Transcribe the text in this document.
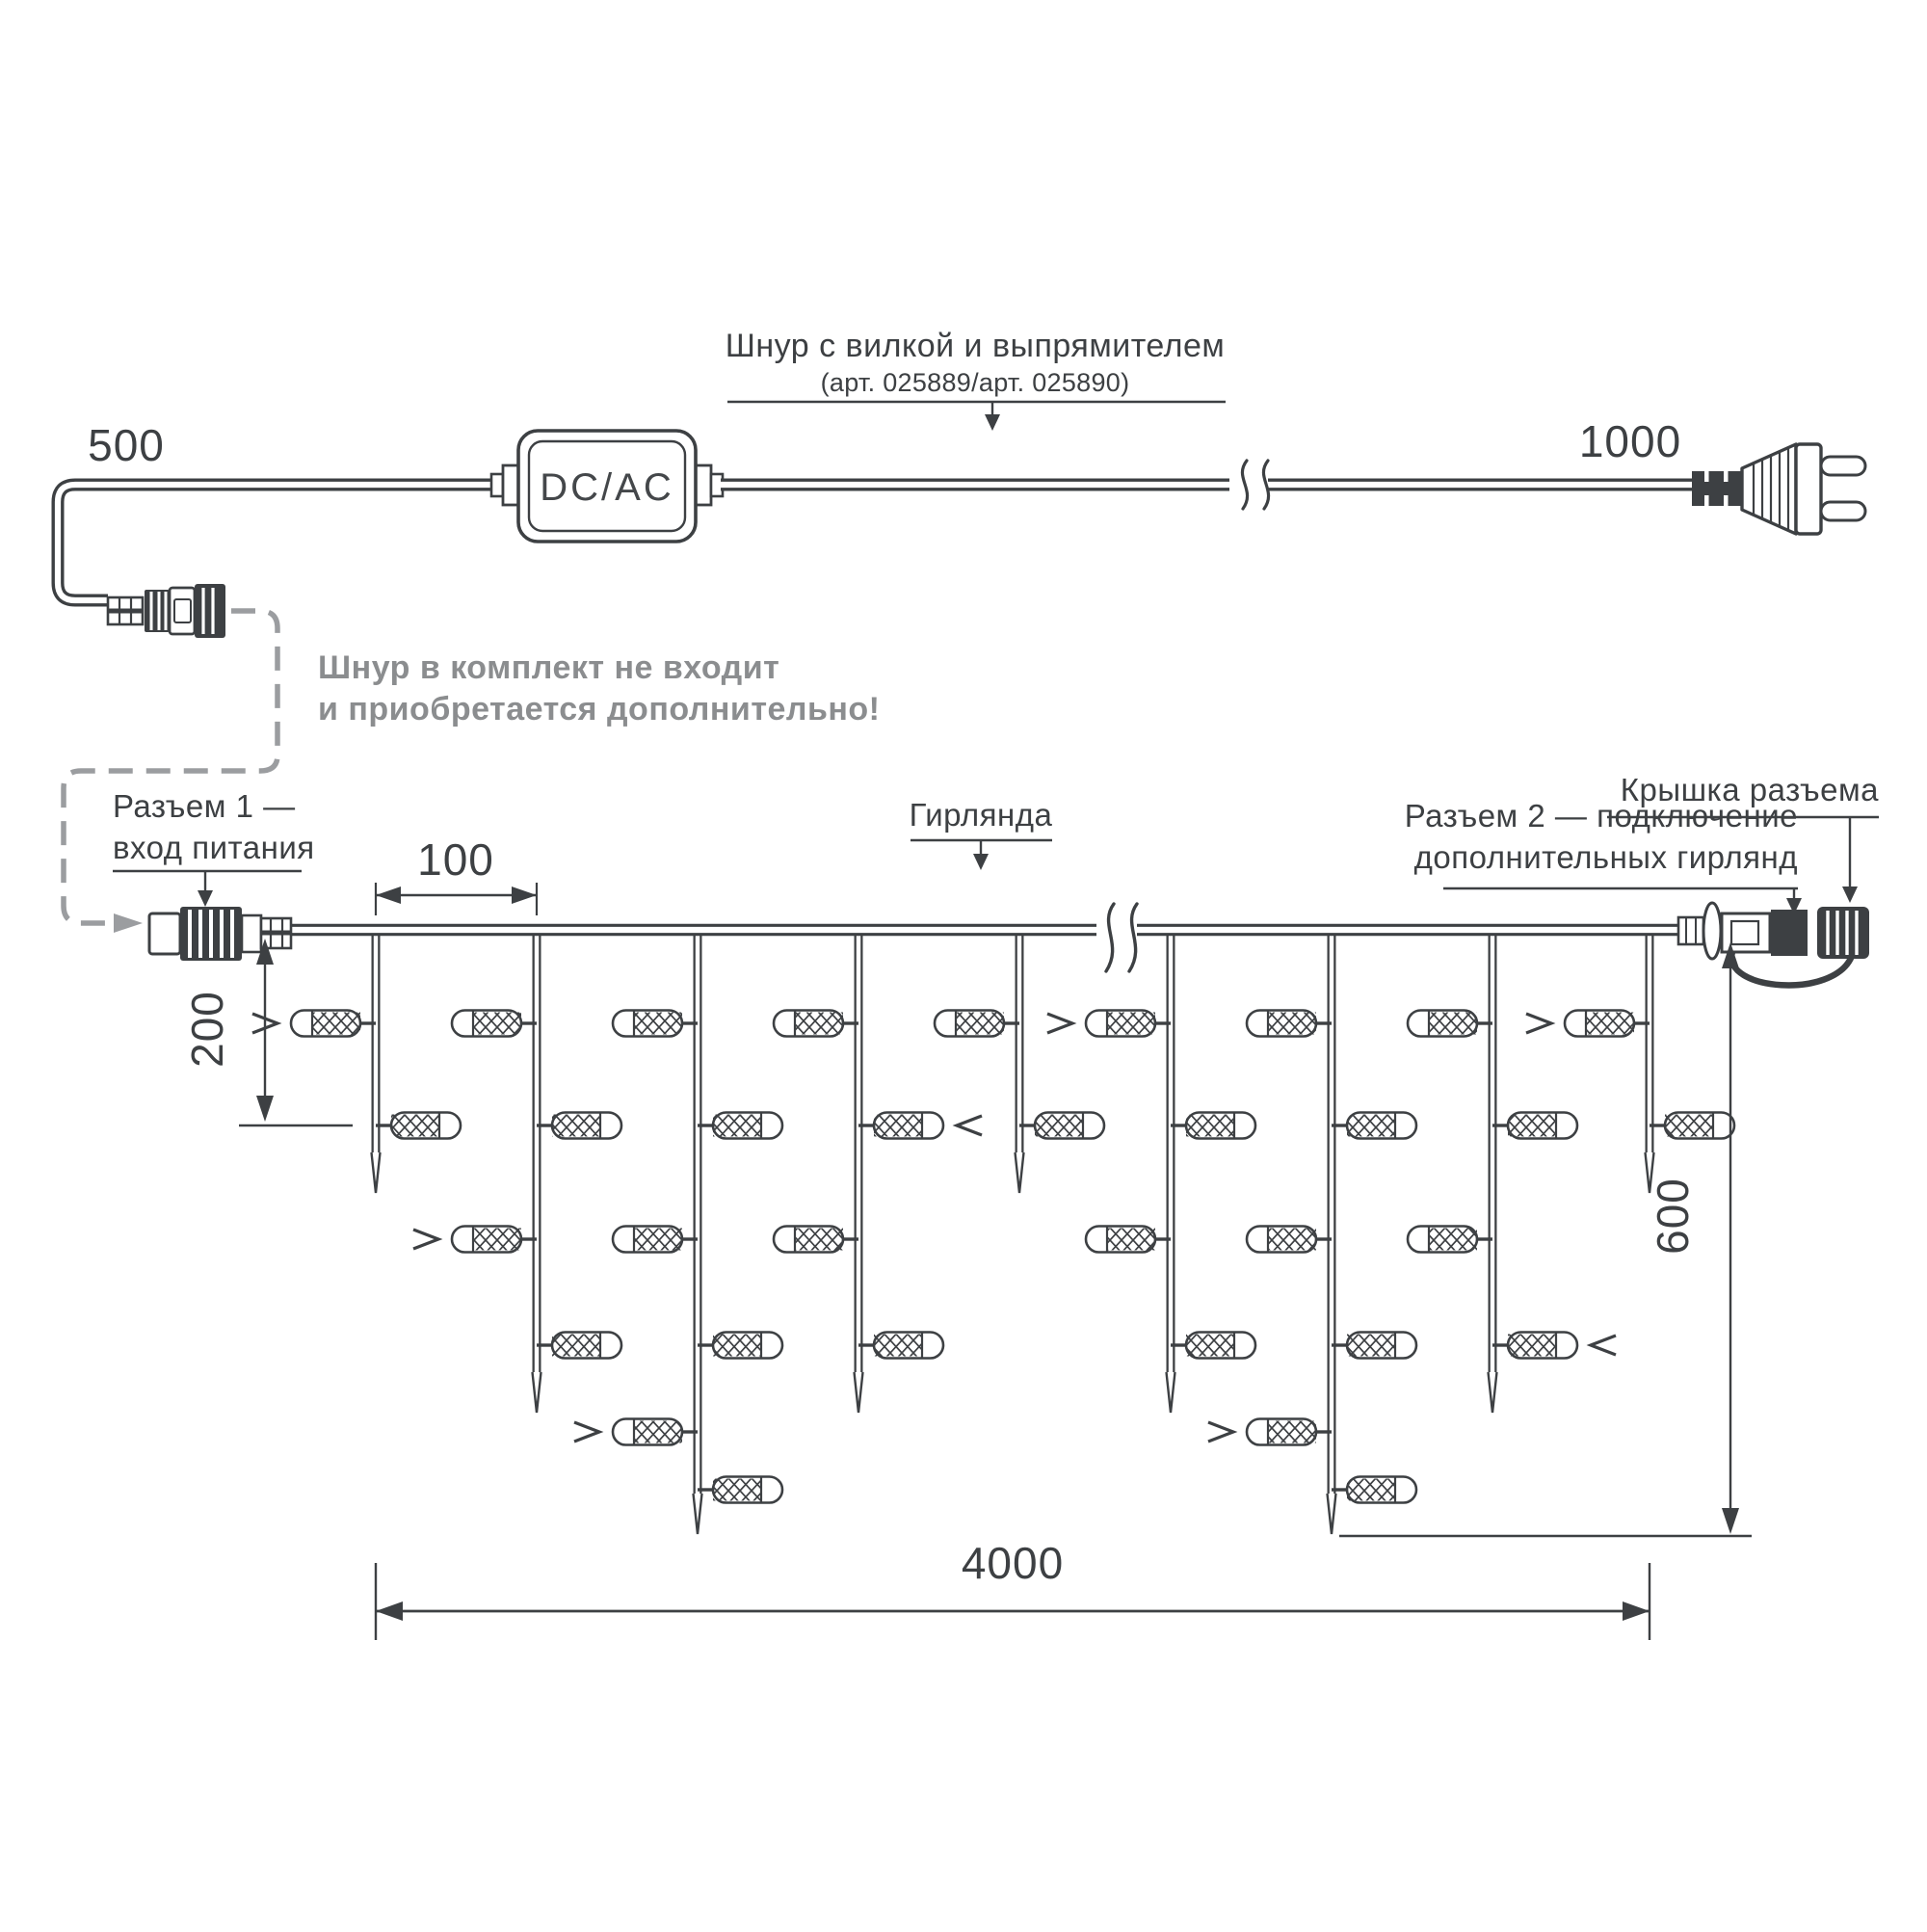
DC/AC
Шнур с вилкой и выпрямителем
(арт. 025889/арт. 025890)
500	1000
Шнур в комплект не входит
и приобретается дополнительно!
Разъем 1 —
вход питания
Гирлянда	Разъем 2 — подключение
дополнительных гирлянд
Крышка разъема
100
200
600
4000
